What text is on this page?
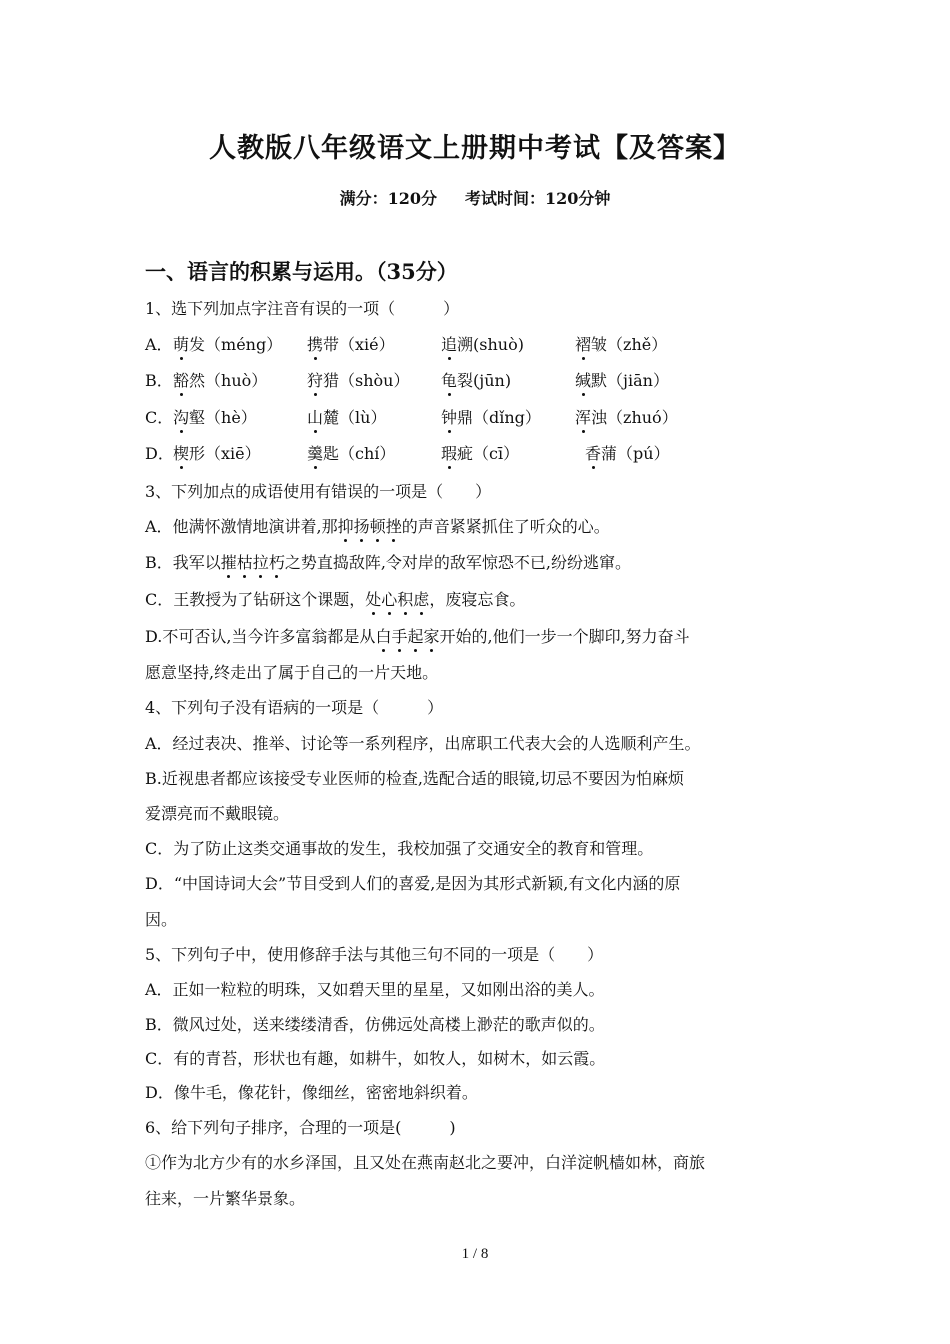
人教版八年级语文上册期中考试【及答案】
满分：120分 考试时间：120分钟
一、语言的积累与运用。（35分）
1、选下列加点字注音有误的一项（　　　）
A． 萌发（méng） 携带（xié）	追溯(shuò)	褶皱（zhě）
B． 豁然（huò） 狩猎（shòu） 龟裂(jūn)	缄默（jiān）
C． 沟壑（hè）	山麓（lù）	钟鼎（dǐng） 浑浊（zhuó）
D． 楔形（xiē）	羹匙（chí）	瑕疵（cī）	香蒲（pú）
3、下列加点的成语使用有错误的一项是（　　）
A．他满怀激情地演讲着,那抑扬顿挫的声音紧紧抓住了听众的心。
B．我军以摧枯拉朽之势直捣敌阵,令对岸的敌军惊恐不已,纷纷逃窜。
C．王教授为了钻研这个课题，处心积虑，废寝忘食。
D.不可否认,当今许多富翁都是从白手起家开始的,他们一步一个脚印,努力奋斗
愿意坚持,终走出了属于自己的一片天地。
4、下列句子没有语病的一项是（　　　）
A．经过表决、推举、讨论等一系列程序，出席职工代表大会的人选顺利产生。
B.近视患者都应该接受专业医师的检查,选配合适的眼镜,切忌不要因为怕麻烦
爱漂亮而不戴眼镜。
C．为了防止这类交通事故的发生，我校加强了交通安全的教育和管理。
D．“中国诗词大会”节目受到人们的喜爱,是因为其形式新颖,有文化内涵的原
因。
5、下列句子中，使用修辞手法与其他三句不同的一项是（　　）
A．正如一粒粒的明珠，又如碧天里的星星，又如刚出浴的美人。
B．微风过处，送来缕缕清香，仿佛远处高楼上渺茫的歌声似的。
C．有的青苔，形状也有趣，如耕牛，如牧人，如树木，如云霞。
D．像牛毛，像花针，像细丝，密密地斜织着。
6、给下列句子排序，合理的一项是(　　　)
①作为北方少有的水乡泽国，且又处在燕南赵北之要冲，白洋淀帆樯如林，商旅
往来，一片繁华景象。
1 / 8
